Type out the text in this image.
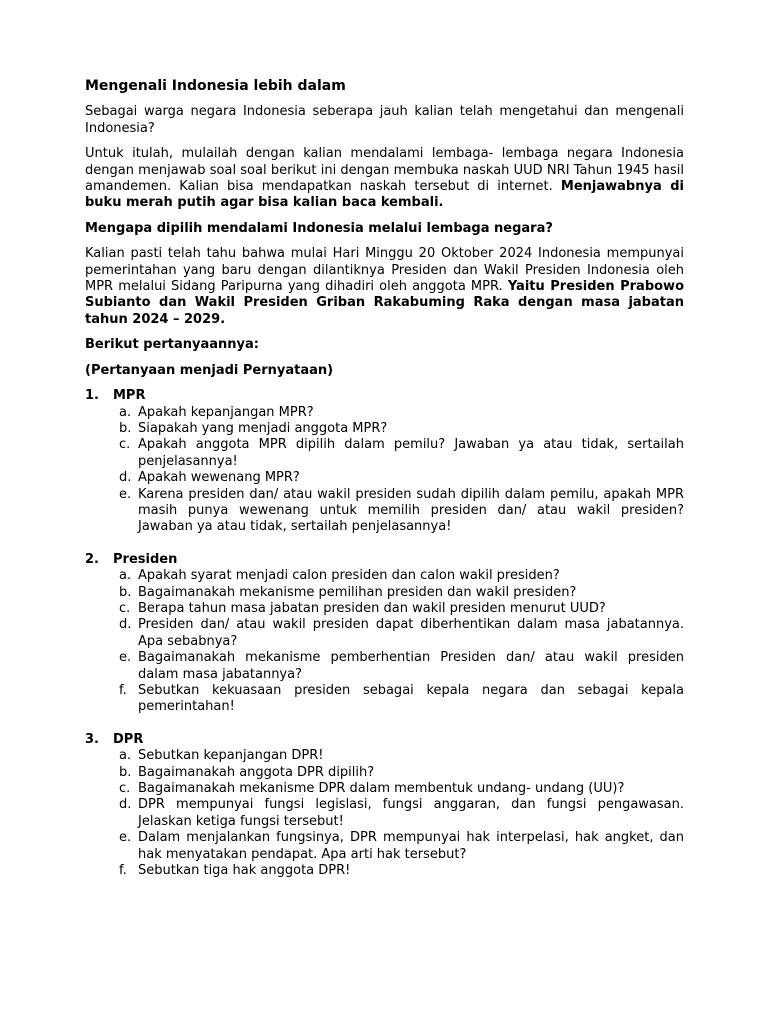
Mengenali Indonesia lebih dalam

Sebagai warga negara Indonesia seberapa jauh kalian telah mengetahui dan mengenali Indonesia?

Untuk itulah, mulailah dengan kalian mendalami lembaga- lembaga negara Indonesia dengan menjawab soal soal berikut ini dengan membuka naskah UUD NRI Tahun 1945 hasil amandemen. Kalian bisa mendapatkan naskah tersebut di internet. Menjawabnya di buku merah putih agar bisa kalian baca kembali.

Mengapa dipilih mendalami Indonesia melalui lembaga negara?

Kalian pasti telah tahu bahwa mulai Hari Minggu 20 Oktober 2024 Indonesia mempunyai pemerintahan yang baru dengan dilantiknya Presiden dan Wakil Presiden Indonesia oleh MPR melalui Sidang Paripurna yang dihadiri oleh anggota MPR. Yaitu Presiden Prabowo Subianto dan Wakil Presiden Griban Rakabuming Raka dengan masa jabatan tahun 2024 – 2029.

Berikut pertanyaannya:
(Pertanyaan menjadi Pernyataan)
1.	MPR
a. Apakah kepanjangan MPR?
b. Siapakah yang menjadi anggota MPR?
c. Apakah anggota MPR dipilih dalam pemilu? Jawaban ya atau tidak, sertailah penjelasannya!
d. Apakah wewenang MPR?
e. Karena presiden dan/ atau wakil presiden sudah dipilih dalam pemilu, apakah MPR masih punya wewenang untuk memilih presiden dan/ atau wakil presiden? Jawaban ya atau tidak, sertailah penjelasannya!
2.	Presiden
a. Apakah syarat menjadi calon presiden dan calon wakil presiden?
b. Bagaimanakah mekanisme pemilihan presiden dan wakil presiden?
c. Berapa tahun masa jabatan presiden dan wakil presiden menurut UUD?
d. Presiden dan/ atau wakil presiden dapat diberhentikan dalam masa jabatannya. Apa sebabnya?
e. Bagaimanakah mekanisme pemberhentian Presiden dan/ atau wakil presiden dalam masa jabatannya?
f. Sebutkan kekuasaan presiden sebagai kepala negara dan sebagai kepala pemerintahan!
3.	DPR
a. Sebutkan kepanjangan DPR!
b. Bagaimanakah anggota DPR dipilih?
c. Bagaimanakah mekanisme DPR dalam membentuk undang- undang (UU)?
d. DPR mempunyai fungsi legislasi, fungsi anggaran, dan fungsi pengawasan. Jelaskan ketiga fungsi tersebut!
e. Dalam menjalankan fungsinya, DPR mempunyai hak interpelasi, hak angket, dan hak menyatakan pendapat. Apa arti hak tersebut?
f. Sebutkan tiga hak anggota DPR!
